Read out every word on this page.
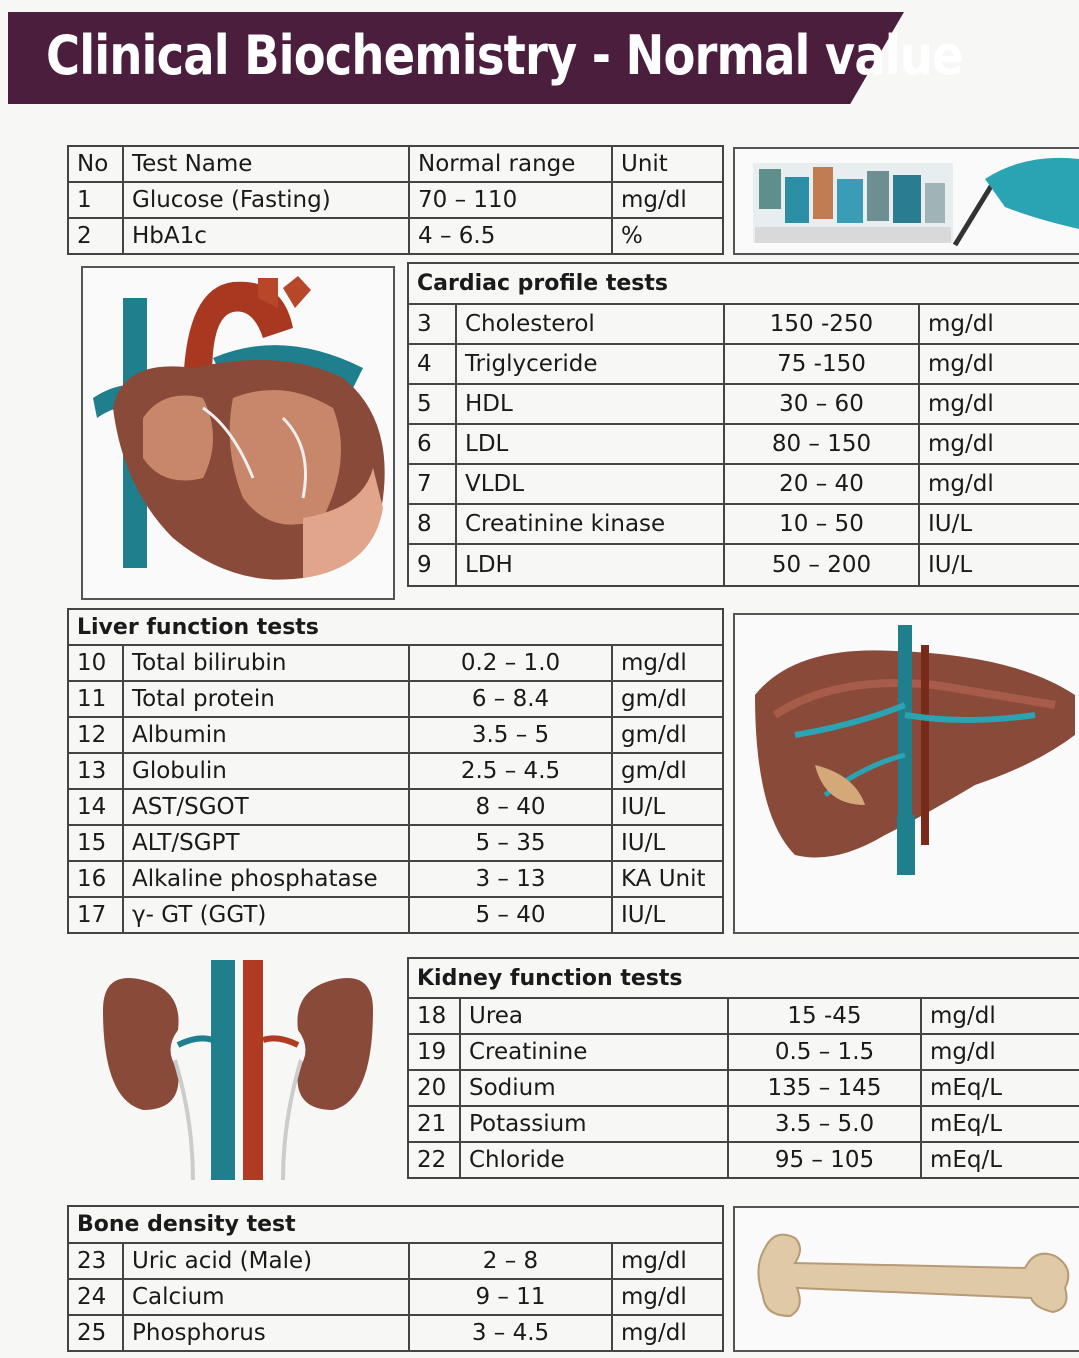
Clinical Biochemistry - Normal value
No	Test Name	Normal range	Unit
1	Glucose (Fasting)	70 – 110	mg/dl
2	HbA1c	4 – 6.5	%
Cardiac profile tests			
3	Cholesterol	150 -250	mg/dl
4	Triglyceride	75 -150	mg/dl
5	HDL	30 – 60	mg/dl
6	LDL	80 – 150	mg/dl
7	VLDL	20 – 40	mg/dl
8	Creatinine kinase	10 – 50	IU/L
9	LDH	50 – 200	IU/L
Liver function tests			
10	Total bilirubin	0.2 – 1.0	mg/dl
11	Total protein	6 – 8.4	gm/dl
12	Albumin	3.5 – 5	gm/dl
13	Globulin	2.5 – 4.5	gm/dl
14	AST/SGOT	8 – 40	IU/L
15	ALT/SGPT	5 – 35	IU/L
16	Alkaline phosphatase	3 – 13	KA Unit
17	γ- GT (GGT)	5 – 40	IU/L
Kidney function tests			
18	Urea	15 -45	mg/dl
19	Creatinine	0.5 – 1.5	mg/dl
20	Sodium	135 – 145	mEq/L
21	Potassium	3.5 – 5.0	mEq/L
22	Chloride	95 – 105	mEq/L
Bone density test			
23	Uric acid (Male)	2 – 8	mg/dl
24	Calcium	9 – 11	mg/dl
25	Phosphorus	3 – 4.5	mg/dl
